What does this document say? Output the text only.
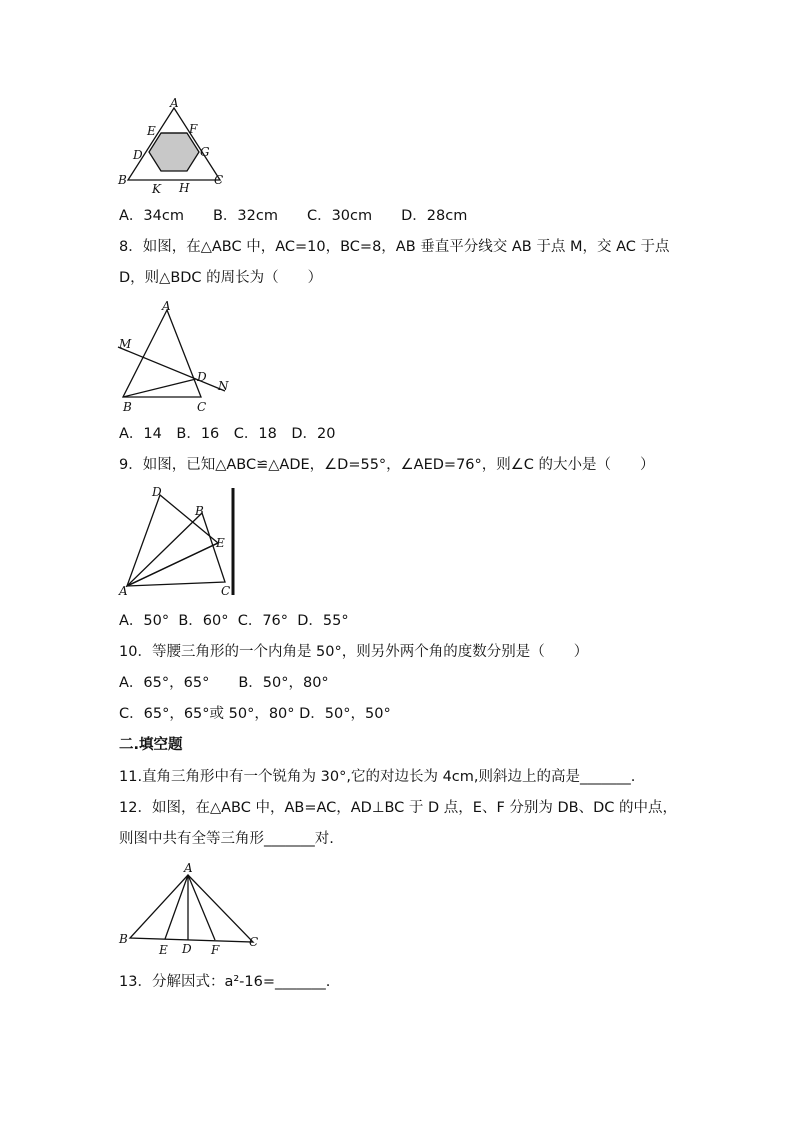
A
E	F
D	G
B
K H
C
A．34cm　　B．32cm　　C．30cm　　D．28cm
8．如图，在△ABC 中，AC=10，BC=8，AB 垂直平分线交 AB 于点 M，交 AC 于点
D，则△BDC 的周长为（　　）
A
M
D
N
B	C
A．14　B．16　C．18　D．20
9．如图，已知△ABC≌△ADE，∠D=55°，∠AED=76°，则∠C 的大小是（　　）
D
B
E
A	C
A．50°  B．60°  C．76°  D．55°
10．等腰三角形的一个内角是 50°，则另外两个角的度数分别是（　　）
A．65°，65°　　B．50°，80°
C．65°，65°或 50°，80° D．50°，50°
二.填空题
11.直角三角形中有一个锐角为 30°,它的对边长为 4cm,则斜边上的高是_______.
12．如图，在△ABC 中，AB=AC，AD⊥BC 于 D 点，E、F 分别为 DB、DC 的中点，
则图中共有全等三角形_______对.
A
B
E D F
C
13．分解因式：a²-16=_______.
